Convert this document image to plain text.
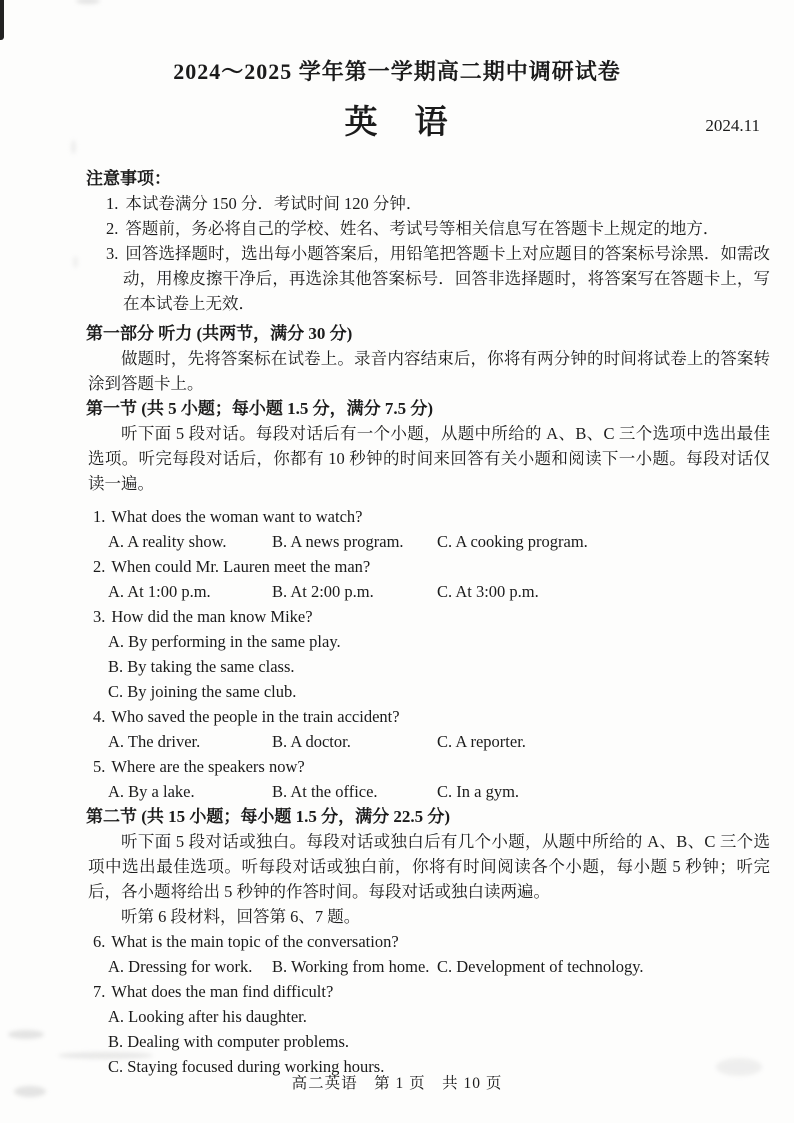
2024～2025 学年第一学期高二期中调研试卷
英　语	2024.11
注意事项：
1. 本试卷满分 150 分．考试时间 120 分钟．
2. 答题前，务必将自己的学校、姓名、考试号等相关信息写在答题卡上规定的地方．
3. 回答选择题时，选出每小题答案后，用铅笔把答题卡上对应题目的答案标号涂黑．如需改动，用橡皮擦干净后，再选涂其他答案标号．回答非选择题时，将答案写在答题卡上，写在本试卷上无效．
第一部分 听力 (共两节，满分 30 分)

做题时，先将答案标在试卷上。录音内容结束后，你将有两分钟的时间将试卷上的答案转涂到答题卡上。

第一节 (共 5 小题；每小题 1.5 分，满分 7.5 分)

听下面 5 段对话。每段对话后有一个小题，从题中所给的 A、B、C 三个选项中选出最佳选项。听完每段对话后，你都有 10 秒钟的时间来回答有关小题和阅读下一小题。每段对话仅读一遍。

1. What does the woman want to watch?
A. A reality show.	B. A news program.	C. A cooking program.
2. When could Mr. Lauren meet the man?
A. At 1:00 p.m.	B. At 2:00 p.m.	C. At 3:00 p.m.
3. How did the man know Mike?
A. By performing in the same play.
B. By taking the same class.
C. By joining the same club.
4. Who saved the people in the train accident?
A. The driver.	B. A doctor.	C. A reporter.
5. Where are the speakers now?
A. By a lake.	B. At the office.	C. In a gym.
第二节 (共 15 小题；每小题 1.5 分，满分 22.5 分)

听下面 5 段对话或独白。每段对话或独白后有几个小题，从题中所给的 A、B、C 三个选项中选出最佳选项。听每段对话或独白前，你将有时间阅读各个小题，每小题 5 秒钟；听完后，各小题将给出 5 秒钟的作答时间。每段对话或独白读两遍。

听第 6 段材料，回答第 6、7 题。
6. What is the main topic of the conversation?
A. Dressing for work.	B. Working from home. C. Development of technology.
7. What does the man find difficult?
A. Looking after his daughter.
B. Dealing with computer problems.
C. Staying focused during working hours.
高二英语　第 1 页　共 10 页
